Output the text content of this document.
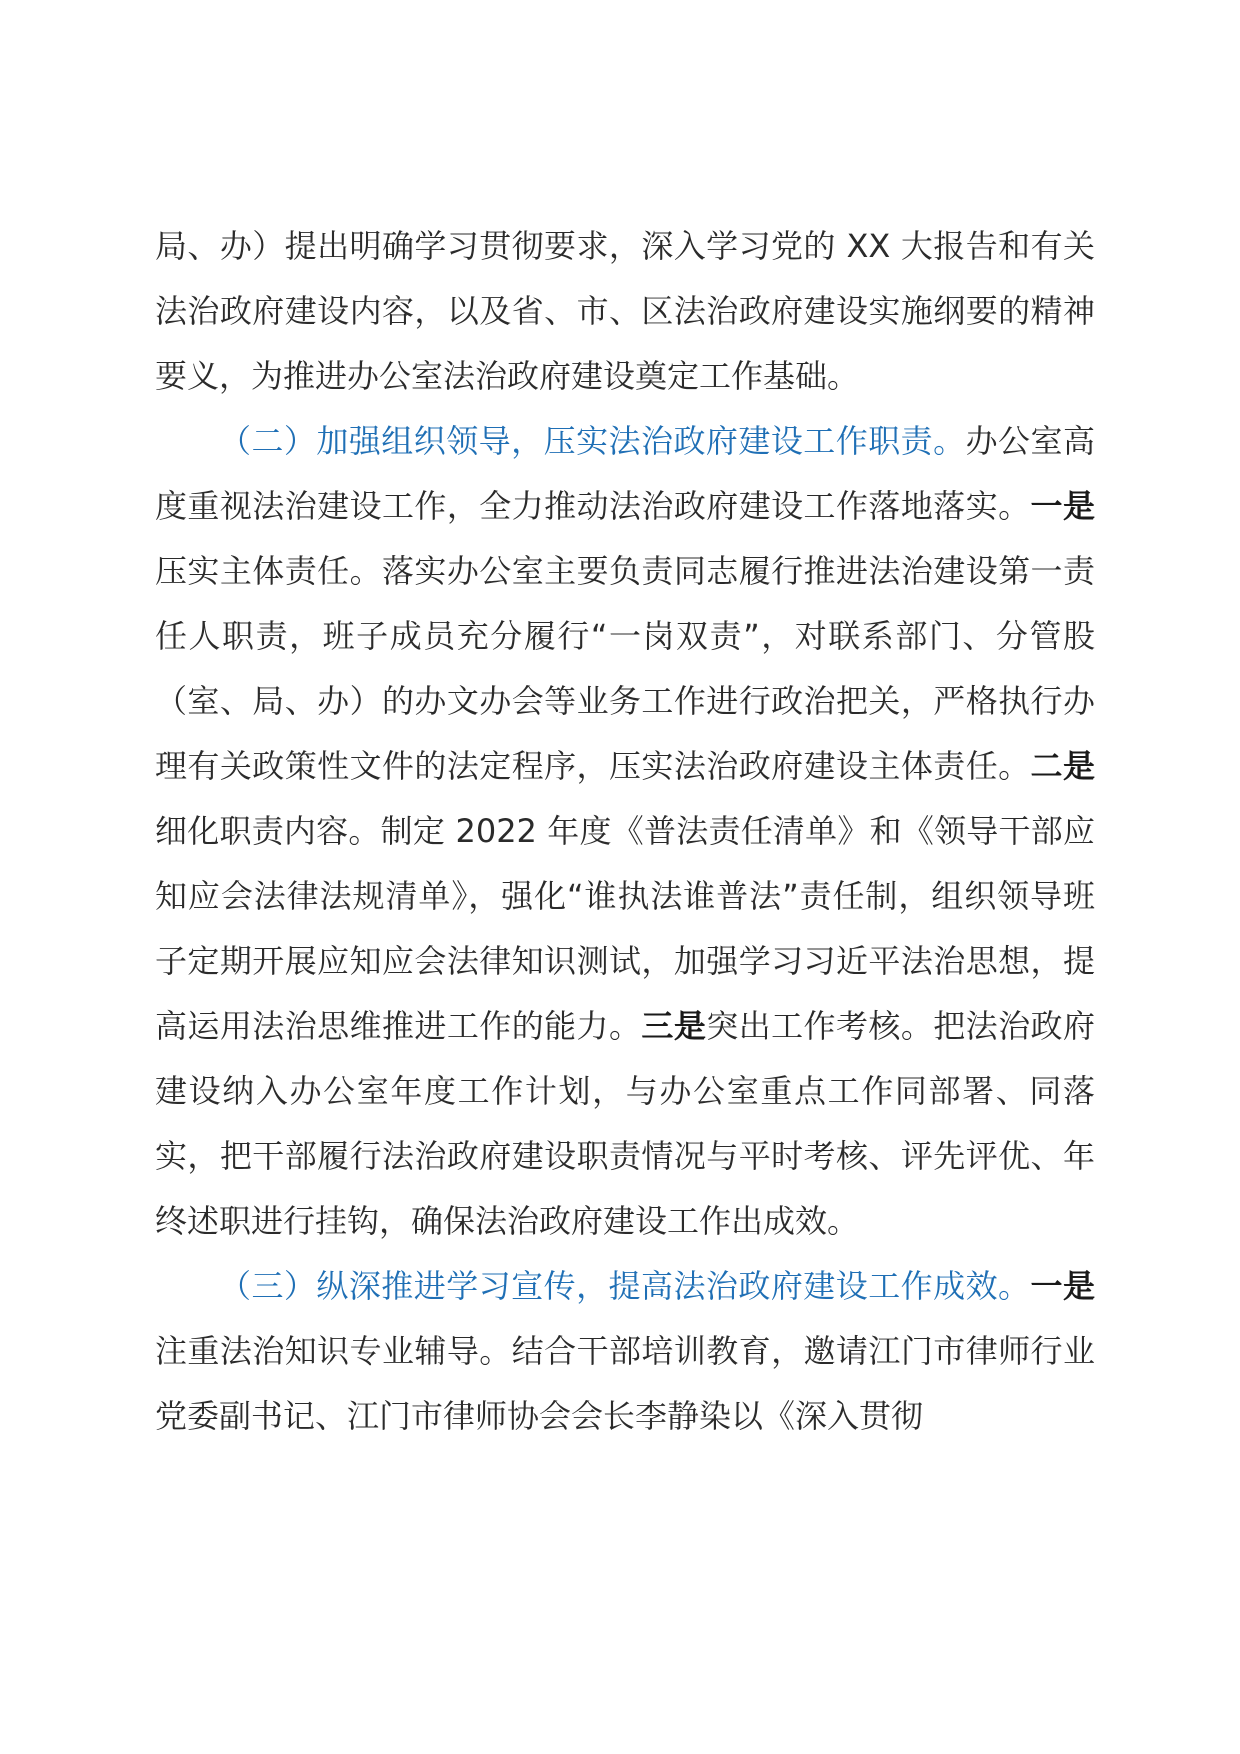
局、办）提出明确学习贯彻要求，深入学习党的 XX 大报告和有关法治政府建设内容，以及省、市、区法治政府建设实施纲要的精神要义，为推进办公室法治政府建设奠定工作基础。

（二）加强组织领导，压实法治政府建设工作职责。办公室高度重视法治建设工作，全力推动法治政府建设工作落地落实。一是压实主体责任。落实办公室主要负责同志履行推进法治建设第一责任人职责，班子成员充分履行“一岗双责”，对联系部门、分管股（室、局、办）的办文办会等业务工作进行政治把关，严格执行办理有关政策性文件的法定程序，压实法治政府建设主体责任。二是细化职责内容。制定 2022 年度《普法责任清单》和《领导干部应知应会法律法规清单》，强化“谁执法谁普法”责任制，组织领导班子定期开展应知应会法律知识测试，加强学习习近平法治思想，提高运用法治思维推进工作的能力。三是突出工作考核。把法治政府建设纳入办公室年度工作计划，与办公室重点工作同部署、同落实，把干部履行法治政府建设职责情况与平时考核、评先评优、年终述职进行挂钩，确保法治政府建设工作出成效。

（三）纵深推进学习宣传，提高法治政府建设工作成效。一是注重法治知识专业辅导。结合干部培训教育，邀请江门市律师行业党委副书记、江门市律师协会会长李静染以《深入贯彻
